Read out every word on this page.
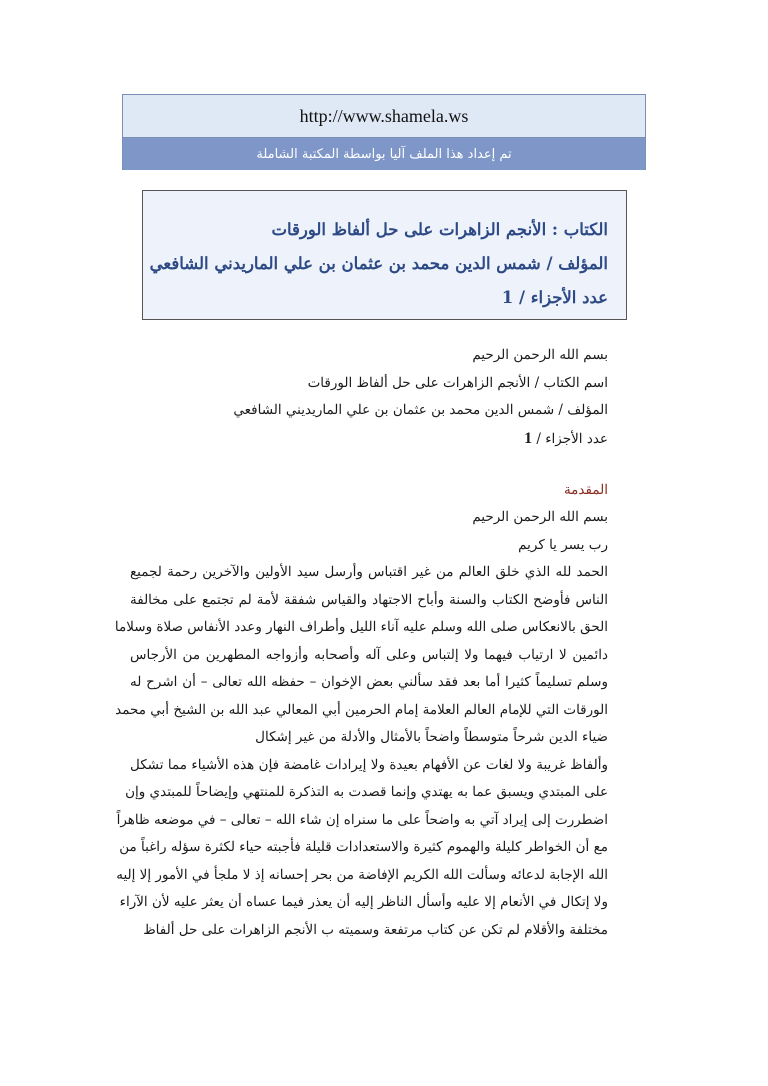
http://www.shamela.ws
تم إعداد هذا الملف آليا بواسطة المكتبة الشاملة
الكتاب : الأنجم الزاهرات على حل ألفاظ الورقات
المؤلف / شمس الدين محمد بن عثمان بن علي الماريدني الشافعي
عدد الأجزاء / 1
بسم الله الرحمن الرحيم
اسم الكتاب / الأنجم الزاهرات على حل ألفاظ الورقات
المؤلف / شمس الدين محمد بن عثمان بن علي الماريديني الشافعي
عدد الأجزاء / 1
المقدمة
بسم الله الرحمن الرحيم
رب يسر يا كريم
الحمد لله الذي خلق العالم من غير اقتباس وأرسل سيد الأولين والآخرين رحمة لجميع
الناس فأوضح الكتاب والسنة وأباح الاجتهاد والقياس شفقة لأمة لم تجتمع على مخالفة
الحق بالانعكاس صلى الله وسلم عليه آناء الليل وأطراف النهار وعدد الأنفاس صلاة وسلاما
دائمين لا ارتياب فيهما ولا إلتباس وعلى آله وأصحابه وأزواجه المطهرين من الأرجاس
وسلم تسليماً كثيرا أما بعد فقد سألني بعض الإخوان – حفظه الله تعالى – أن اشرح له
الورقات التي للإمام العالم العلامة إمام الحرمين أبي المعالي عبد الله بن الشيخ أبي محمد
ضياء الدين شرحاً متوسطاً واضحاً بالأمثال والأدلة من غير إشكال
وألفاظ غريبة ولا لغات عن الأفهام بعيدة ولا إيرادات غامضة فإن هذه الأشياء مما تشكل
على المبتدي ويسبق عما به يهتدي وإنما قصدت به التذكرة للمنتهي وإيضاحاً للمبتدي وإن
اضطررت إلى إيراد آتي به واضحاً على ما سنراه إن شاء الله – تعالى – في موضعه ظاهراً
مع أن الخواطر كليلة والهموم كثيرة والاستعدادات قليلة فأجبته حياء لكثرة سؤله راغباً من
الله الإجابة لدعائه وسألت الله الكريم الإفاضة من بحر إحسانه إذ لا ملجأ في الأمور إلا إليه
ولا إتكال في الأنعام إلا عليه وأسأل الناظر إليه أن يعذر فيما عساه أن يعثر عليه لأن الآراء
مختلفة والأقلام لم تكن عن كتاب مرتفعة وسميته ب الأنجم الزاهرات على حل ألفاظ
